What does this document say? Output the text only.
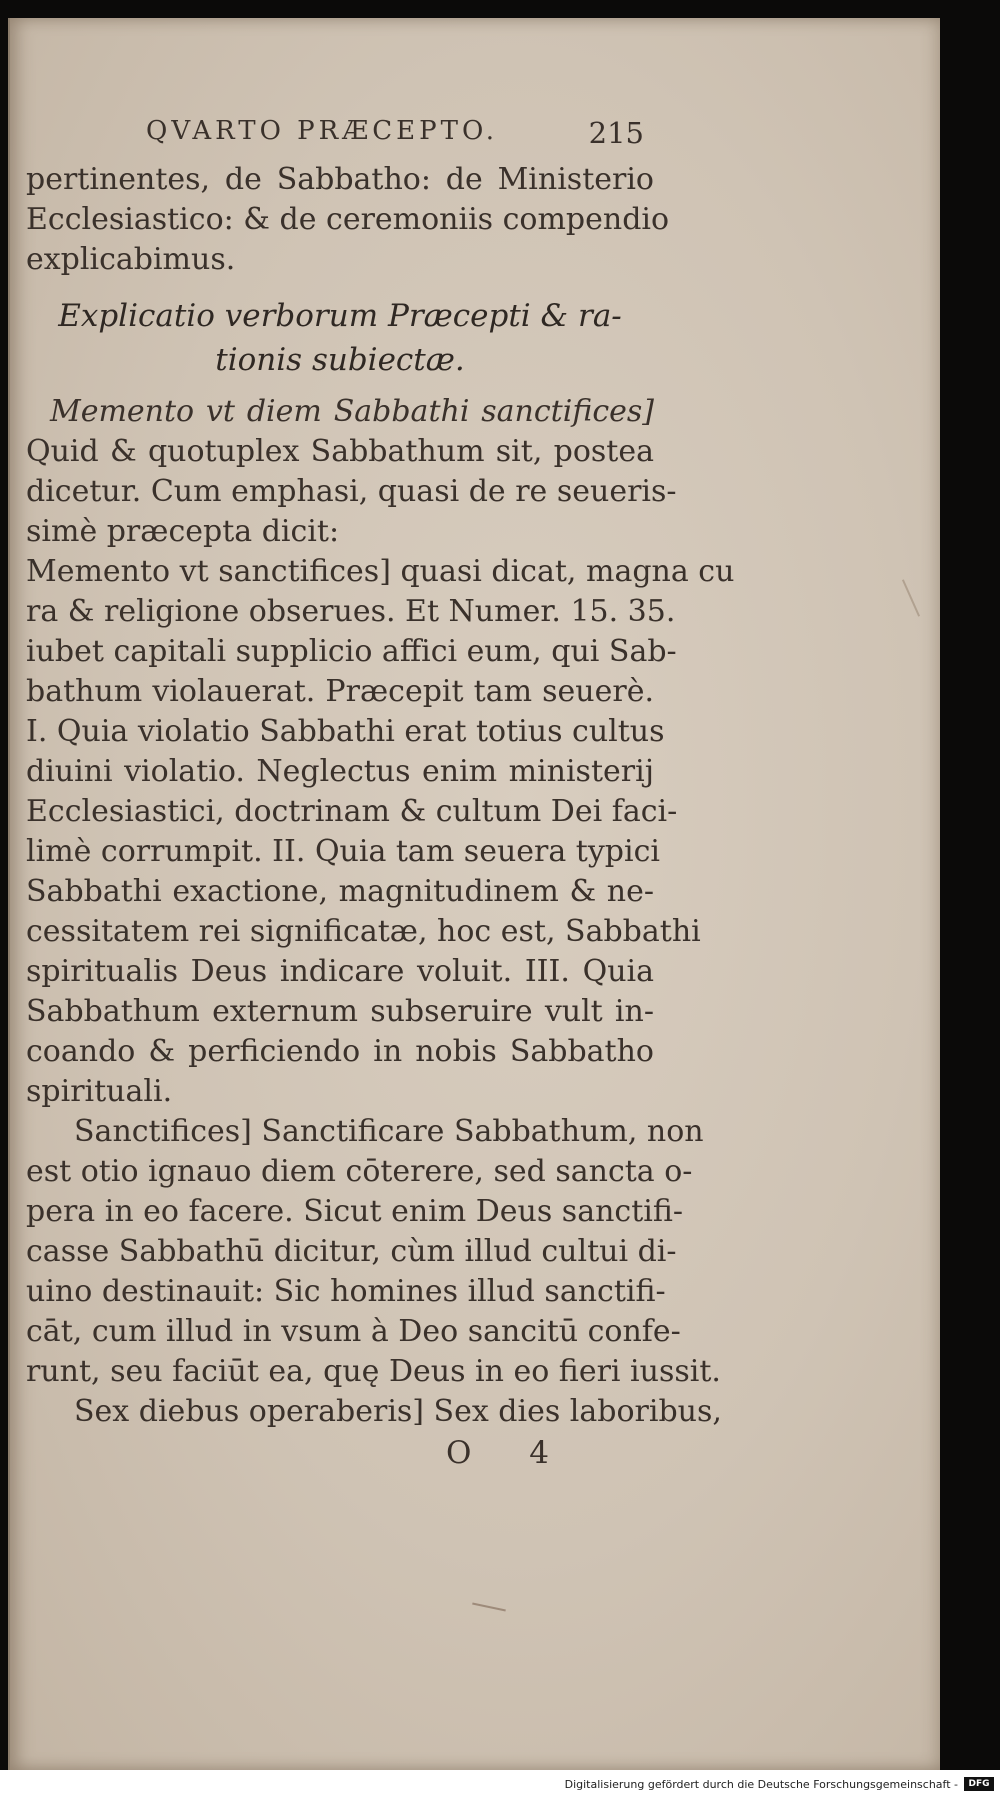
QVARTO PRÆCEPTO.	215
pertinentes, de Sabbatho: de Ministerio
Ecclesiastico: & de ceremoniis compendio
explicabimus.
Explicatio verborum Præcepti & ra-
tionis subiectæ.
Memento vt diem Sabbathi sanctifices]
Quid & quotuplex Sabbathum sit, postea
dicetur. Cum emphasi, quasi de re seueris-
simè præcepta dicit:
Memento vt sanctifices] quasi dicat, magna cu
ra & religione obserues. Et Numer. 15. 35.
iubet capitali supplicio affici eum, qui Sab-
bathum violauerat. Præcepit tam seuerè.
I. Quia violatio Sabbathi erat totius cultus
diuini violatio. Neglectus enim ministerij
Ecclesiastici, doctrinam & cultum Dei faci-
limè corrumpit. II. Quia tam seuera typici
Sabbathi exactione, magnitudinem & ne-
cessitatem rei significatæ, hoc est, Sabbathi
spiritualis Deus indicare voluit. III. Quia
Sabbathum externum subseruire vult in-
coando & perficiendo in nobis Sabbatho
spirituali.
Sanctifices] Sanctificare Sabbathum, non
est otio ignauo diem cōterere, sed sancta o-
pera in eo facere. Sicut enim Deus sanctifi-
casse Sabbathū dicitur, cùm illud cultui di-
uino destinauit: Sic homines illud sanctifi-
cāt, cum illud in vsum à Deo sancitū confe-
runt, seu faciūt ea, quę Deus in eo fieri iussit.
Sex diebus operaberis] Sex dies laboribus,
O 4
Digitalisierung gefördert durch die Deutsche Forschungsgemeinschaft -	DFG
